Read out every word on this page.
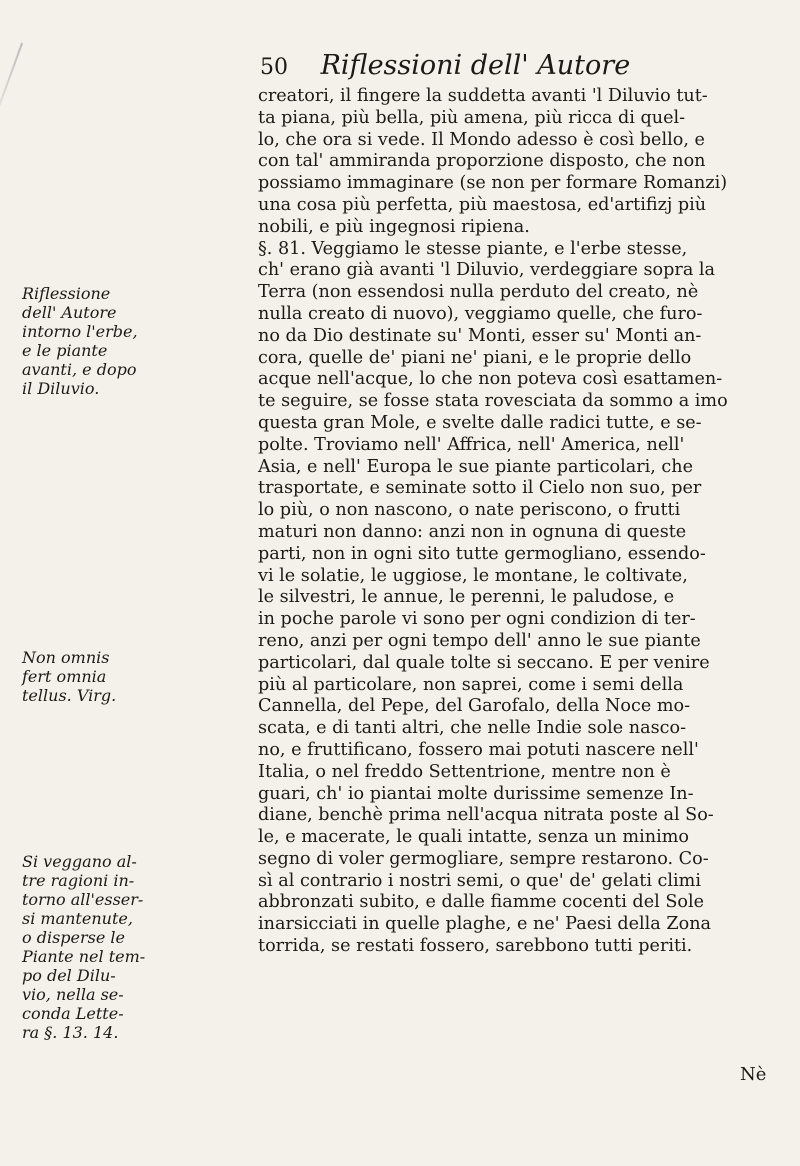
50 Riflessioni dell' Autore
creatori, il fingere la suddetta avanti 'l Diluvio tut-
ta piana, più bella, più amena, più ricca di quel-
lo, che ora si vede. Il Mondo adesso è così bello, e
con tal' ammiranda proporzione disposto, che non
possiamo immaginare (se non per formare Romanzi)
una cosa più perfetta, più maestosa, ed'artifizj più
nobili, e più ingegnosi ripiena.
§. 81. Veggiamo le stesse piante, e l'erbe stesse,
ch' erano già avanti 'l Diluvio, verdeggiare sopra la
Terra (non essendosi nulla perduto del creato, nè
nulla creato di nuovo), veggiamo quelle, che furo-
no da Dio destinate su' Monti, esser su' Monti an-
cora, quelle de' piani ne' piani, e le proprie dello
acque nell'acque, lo che non poteva così esattamen-
te seguire, se fosse stata rovesciata da sommo a imo
questa gran Mole, e svelte dalle radici tutte, e se-
polte. Troviamo nell' Affrica, nell' America, nell'
Asia, e nell' Europa le sue piante particolari, che
trasportate, e seminate sotto il Cielo non suo, per
lo più, o non nascono, o nate periscono, o frutti
maturi non danno: anzi non in ognuna di queste
parti, non in ogni sito tutte germogliano, essendo-
vi le solatie, le uggiose, le montane, le coltivate,
le silvestri, le annue, le perenni, le paludose, e
in poche parole vi sono per ogni condizion di ter-
reno, anzi per ogni tempo dell' anno le sue piante
particolari, dal quale tolte si seccano. E per venire
più al particolare, non saprei, come i semi della
Cannella, del Pepe, del Garofalo, della Noce mo-
scata, e di tanti altri, che nelle Indie sole nasco-
no, e fruttificano, fossero mai potuti nascere nell'
Italia, o nel freddo Settentrione, mentre non è
guari, ch' io piantai molte durissime semenze In-
diane, benchè prima nell'acqua nitrata poste al So-
le, e macerate, le quali intatte, senza un minimo
segno di voler germogliare, sempre restarono. Co-
sì al contrario i nostri semi, o que' de' gelati climi
abbronzati subito, e dalle fiamme cocenti del Sole
inarsicciati in quelle plaghe, e ne' Paesi della Zona
torrida, se restati fossero, sarebbono tutti periti.
Riflessione
dell' Autore
intorno l'erbe,
e le piante
avanti, e dopo
il Diluvio.
Non omnis
fert omnia
tellus. Virg.
Si veggano al-
tre ragioni in-
torno all'esser-
si mantenute,
o disperse le
Piante nel tem-
po del Dilu-
vio, nella se-
conda Lette-
ra §. 13. 14.
Nè
